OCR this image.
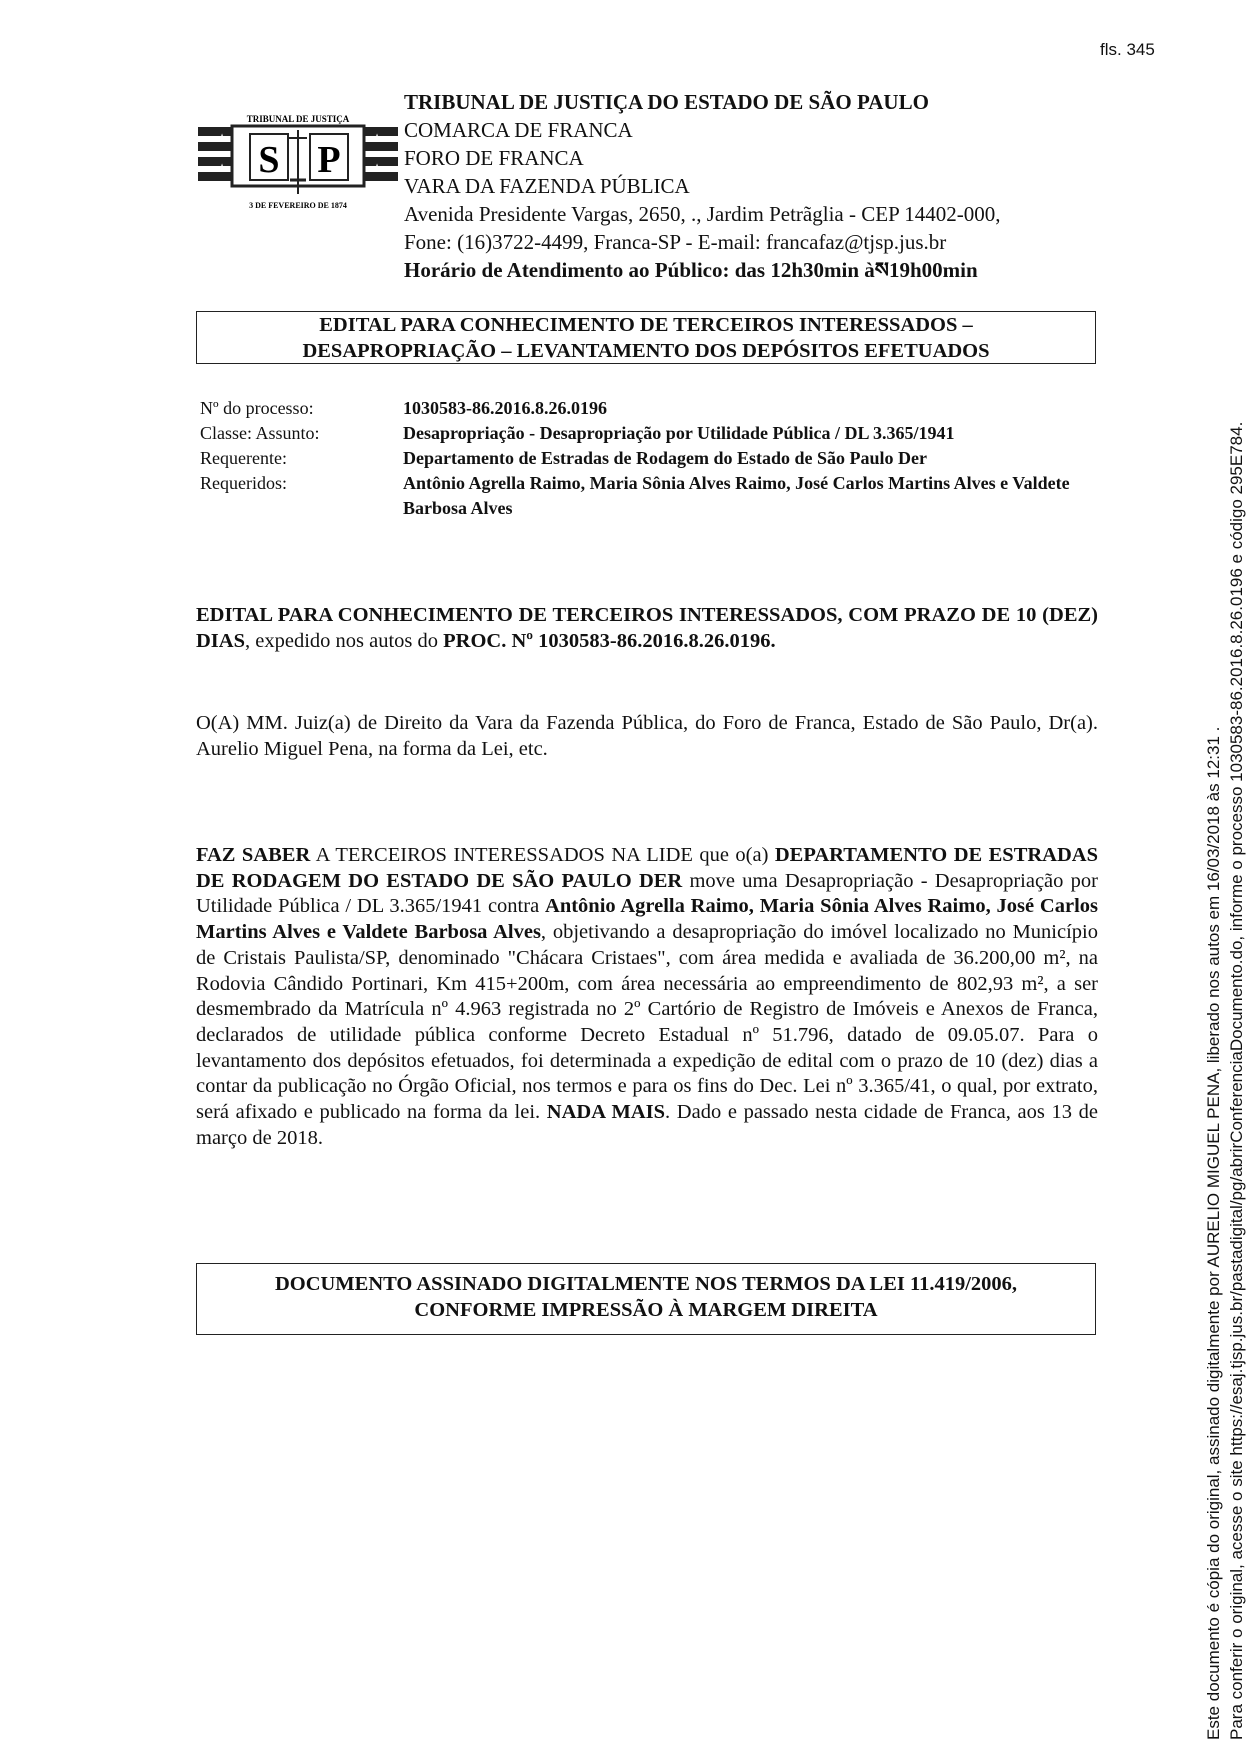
fls. 345
TRIBUNAL DE JUSTIÇA
S P
★	★
★	★
3 DE FEVEREIRO DE 1874
TRIBUNAL DE JUSTIÇA DO ESTADO DE SÃO PAULO
COMARCA DE FRANCA
FORO DE FRANCA
VARA DA FAZENDA PÚBLICA
Avenida Presidente Vargas, 2650, ., Jardim Petrãglia - CEP 14402-000,
Fone: (16)3722-4499, Franca-SP - E-mail: francafaz@tjsp.jus.br
Horário de Atendimento ao Público: das 12h30min àས19h00min
EDITAL PARA CONHECIMENTO DE TERCEIROS INTERESSADOS –
DESAPROPRIAÇÃO – LEVANTAMENTO DOS DEPÓSITOS EFETUADOS
Nº do processo:	1030583-86.2016.8.26.0196
Classe: Assunto:	Desapropriação - Desapropriação por Utilidade Pública / DL 3.365/1941
Requerente:	Departamento de Estradas de Rodagem do Estado de São Paulo Der
Requeridos:	Antônio Agrella Raimo, Maria Sônia Alves Raimo, José Carlos Martins Alves e Valdete Barbosa Alves
EDITAL PARA CONHECIMENTO DE TERCEIROS INTERESSADOS, COM PRAZO DE 10 (DEZ) DIAS, expedido nos autos do PROC. Nº 1030583-86.2016.8.26.0196.
O(A) MM. Juiz(a) de Direito da Vara da Fazenda Pública, do Foro de Franca, Estado de São Paulo, Dr(a). Aurelio Miguel Pena, na forma da Lei, etc.
FAZ SABER A TERCEIROS INTERESSADOS NA LIDE que o(a) DEPARTAMENTO DE ESTRADAS DE RODAGEM DO ESTADO DE SÃO PAULO DER move uma Desapropriação - Desapropriação por Utilidade Pública / DL 3.365/1941 contra Antônio Agrella Raimo, Maria Sônia Alves Raimo, José Carlos Martins Alves e Valdete Barbosa Alves, objetivando a desapropriação do imóvel localizado no Município de Cristais Paulista/SP, denominado "Chácara Cristaes", com área medida e avaliada de 36.200,00 m², na Rodovia Cândido Portinari, Km 415+200m, com área necessária ao empreendimento de 802,93 m², a ser desmembrado da Matrícula nº 4.963 registrada no 2º Cartório de Registro de Imóveis e Anexos de Franca, declarados de utilidade pública conforme Decreto Estadual nº 51.796, datado de 09.05.07. Para o levantamento dos depósitos efetuados, foi determinada a expedição de edital com o prazo de 10 (dez) dias a contar da publicação no Órgão Oficial, nos termos e para os fins do Dec. Lei nº 3.365/41, o qual, por extrato, será afixado e publicado na forma da lei. NADA MAIS. Dado e passado nesta cidade de Franca, aos 13 de março de 2018.
DOCUMENTO ASSINADO DIGITALMENTE NOS TERMOS DA LEI 11.419/2006,
CONFORME IMPRESSÃO À MARGEM DIREITA	Este documento é cópia do original, assinado digitalmente por AURELIO MIGUEL PENA, liberado nos autos em 16/03/2018 às 12:31 . Para conferir o original, acesse o site https://esaj.tjsp.jus.br/pastadigital/pg/abrirConferenciaDocumento.do, informe o processo 1030583-86.2016.8.26.0196 e código 295E784.
